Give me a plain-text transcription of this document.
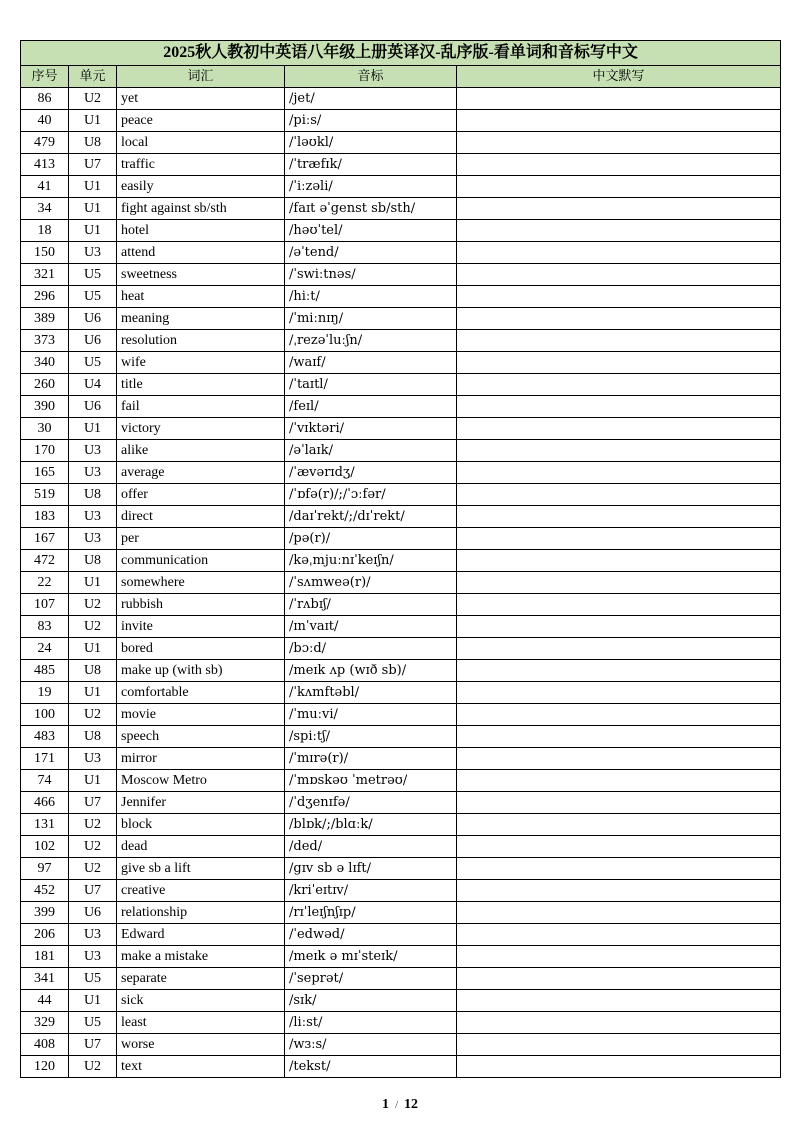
2025秋人教初中英语八年级上册英译汉-乱序版-看单词和音标写中文				
序号	单元	词汇	音标	中文默写
86	U2	yet	/jet/	
40	U1	peace	/piːs/	
479	U8	local	/ˈləʊkl/	
413	U7	traffic	/ˈtræfɪk/	
41	U1	easily	/ˈiːzəli/	
34	U1	fight against sb/sth	/faɪt əˈgenst sb/sth/	
18	U1	hotel	/həʊˈtel/	
150	U3	attend	/əˈtend/	
321	U5	sweetness	/ˈswiːtnəs/	
296	U5	heat	/hiːt/	
389	U6	meaning	/ˈmiːnɪŋ/	
373	U6	resolution	/ˌrezəˈluːʃn/	
340	U5	wife	/waɪf/	
260	U4	title	/ˈtaɪtl/	
390	U6	fail	/feɪl/	
30	U1	victory	/ˈvɪktəri/	
170	U3	alike	/əˈlaɪk/	
165	U3	average	/ˈævərɪdʒ/	
519	U8	offer	/ˈɒfə(r)/;/ˈɔːfər/	
183	U3	direct	/daɪˈrekt/;/dɪˈrekt/	
167	U3	per	/pə(r)/	
472	U8	communication	/kəˌmjuːnɪˈkeɪʃn/	
22	U1	somewhere	/ˈsʌmweə(r)/	
107	U2	rubbish	/ˈrʌbɪʃ/	
83	U2	invite	/ɪnˈvaɪt/	
24	U1	bored	/bɔːd/	
485	U8	make up (with sb)	/meɪk ʌp (wɪð sb)/	
19	U1	comfortable	/ˈkʌmftəbl/	
100	U2	movie	/ˈmuːvi/	
483	U8	speech	/spiːtʃ/	
171	U3	mirror	/ˈmɪrə(r)/	
74	U1	Moscow Metro	/ˈmɒskəʊ ˈmetrəʊ/	
466	U7	Jennifer	/ˈdʒenɪfə/	
131	U2	block	/blɒk/;/blɑːk/	
102	U2	dead	/ded/	
97	U2	give sb a lift	/gɪv sb ə lɪft/	
452	U7	creative	/kriˈeɪtɪv/	
399	U6	relationship	/rɪˈleɪʃnʃɪp/	
206	U3	Edward	/ˈedwəd/	
181	U3	make a mistake	/meɪk ə mɪˈsteɪk/	
341	U5	separate	/ˈseprət/	
44	U1	sick	/sɪk/	
329	U5	least	/liːst/	
408	U7	worse	/wɜːs/	
120	U2	text	/tekst/	
1 / 12
